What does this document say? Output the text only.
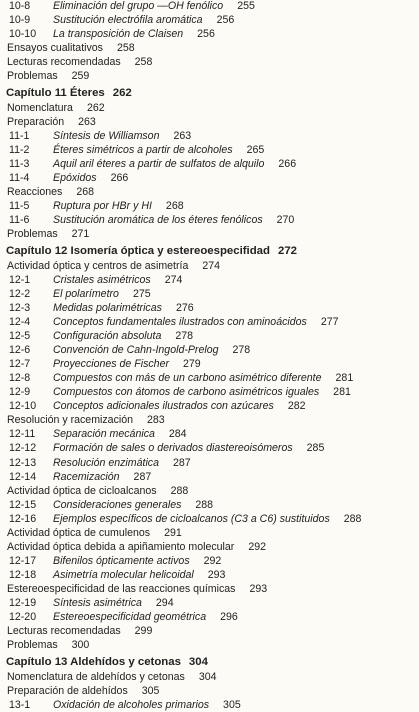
10-8	Eliminación del grupo —OH fenólico 255
10-9	Sustitución electrófila aromática 256
10-10	La transposición de Claisen 256
Ensayos cualitativos 258
Lecturas recomendadas 258
Problemas 259
Capítulo 11 Éteres 262
Nomenclatura 262
Preparación 263
11-1	Síntesis de Williamson 263
11-2	Éteres simétricos a partir de alcoholes 265
11-3	Aquil aril éteres a partir de sulfatos de alquilo 266
11-4	Epóxidos 266
Reacciones 268
11-5	Ruptura por HBr y HI 268
11-6	Sustitución aromática de los éteres fenólicos 270
Problemas 271
Capítulo 12 Isomería óptica y estereoespecifidad 272
Actividad óptica y centros de asimetría 274
12-1	Cristales asimétricos 274
12-2	El polarímetro 275
12-3	Medidas polarimétricas 276
12-4	Conceptos fundamentales ilustrados con aminoácidos 277
12-5	Configuración absoluta 278
12-6	Convención de Cahn-Ingold-Prelog 278
12-7	Proyecciones de Fischer 279
12-8	Compuestos con más de un carbono asimétrico diferente 281
12-9	Compuestos con átomos de carbono asimétricos iguales 281
12-10	Conceptos adicionales ilustrados con azúcares 282
Resolución y racemización 283
12-11	Separación mecánica 284
12-12	Formación de sales o derivados diastereoisómeros 285
12-13	Resolución enzimática 287
12-14	Racemización 287
Actividad óptica de cicloalcanos 288
12-15	Consideraciones generales 288
12-16	Ejemplos específicos de cicloalcanos (C3 a C6) sustituidos 288
Actividad óptica de cumulenos 291
Actividad óptica debida a apiñamiento molecular 292
12-17	Bifenilos ópticamente activos 292
12-18	Asimetría molecular helicoidal 293
Estereoespecificidad de las reacciones químicas 293
12-19	Síntesis asimétrica 294
12-20	Estereoespecificidad geométrica 296
Lecturas recomendadas 299
Problemas 300
Capítulo 13 Aldehídos y cetonas 304
Nomenclatura de aldehídos y cetonas 304
Preparación de aldehídos 305
13-1	Oxidación de alcoholes primarios 305
